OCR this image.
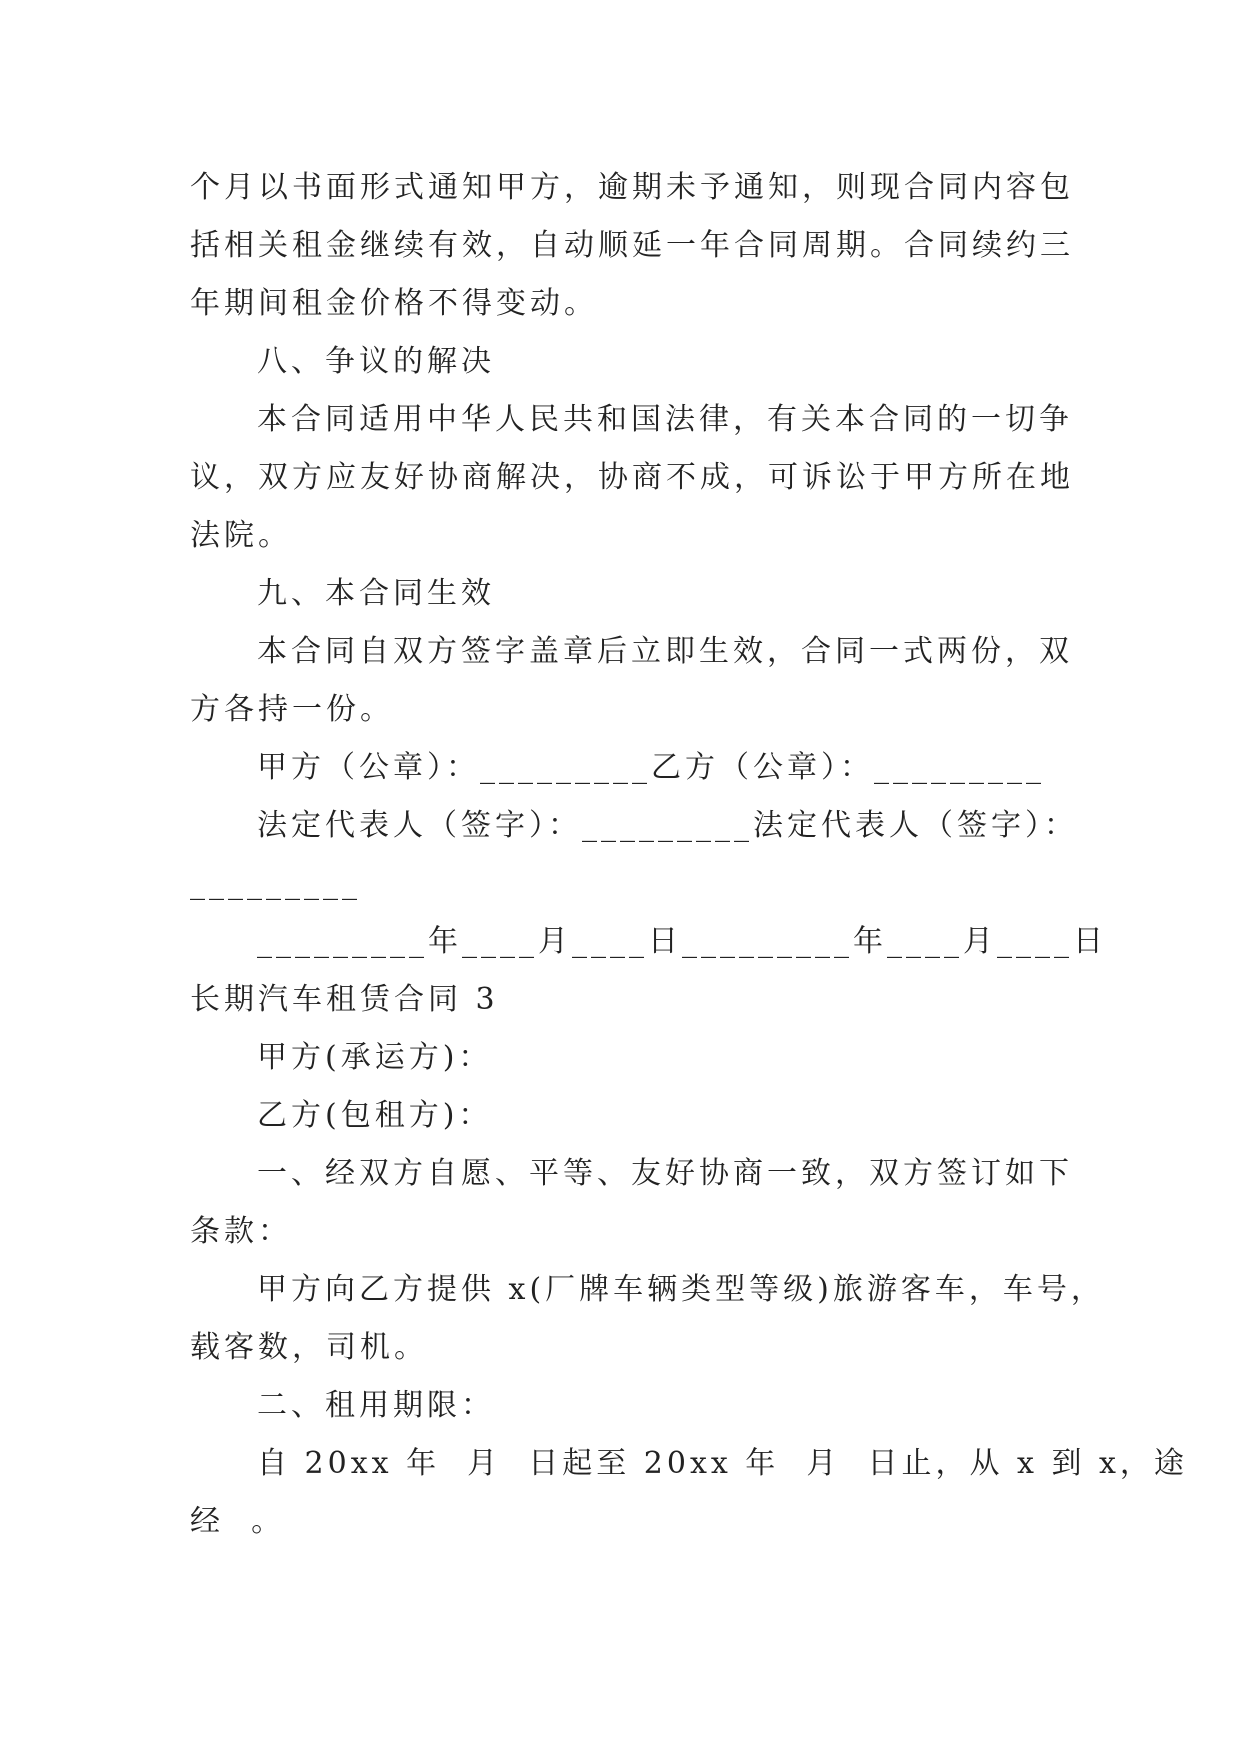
个月以书面形式通知甲方，逾期未予通知，则现合同内容包
括相关租金继续有效，自动顺延一年合同周期。合同续约三
年期间租金价格不得变动。
八、争议的解决
本合同适用中华人民共和国法律，有关本合同的一切争
议，双方应友好协商解决，协商不成，可诉讼于甲方所在地
法院。
九、本合同生效
本合同自双方签字盖章后立即生效，合同一式两份，双
方各持一份。
甲方（公章）：_________乙方（公章）：_________
法定代表人（签字）：_________法定代表人（签字）：
_________
_________年____月____日_________年____月____日
长期汽车租赁合同 3
甲方(承运方)：
乙方(包租方)：
一、经双方自愿、平等、友好协商一致，双方签订如下
条款：
甲方向乙方提供 x(厂牌车辆类型等级)旅游客车，车号，
载客数，司机。
二、租用期限：
自 20xx 年  月  日起至 20xx 年  月  日止，从 x 到 x，途
经  。
